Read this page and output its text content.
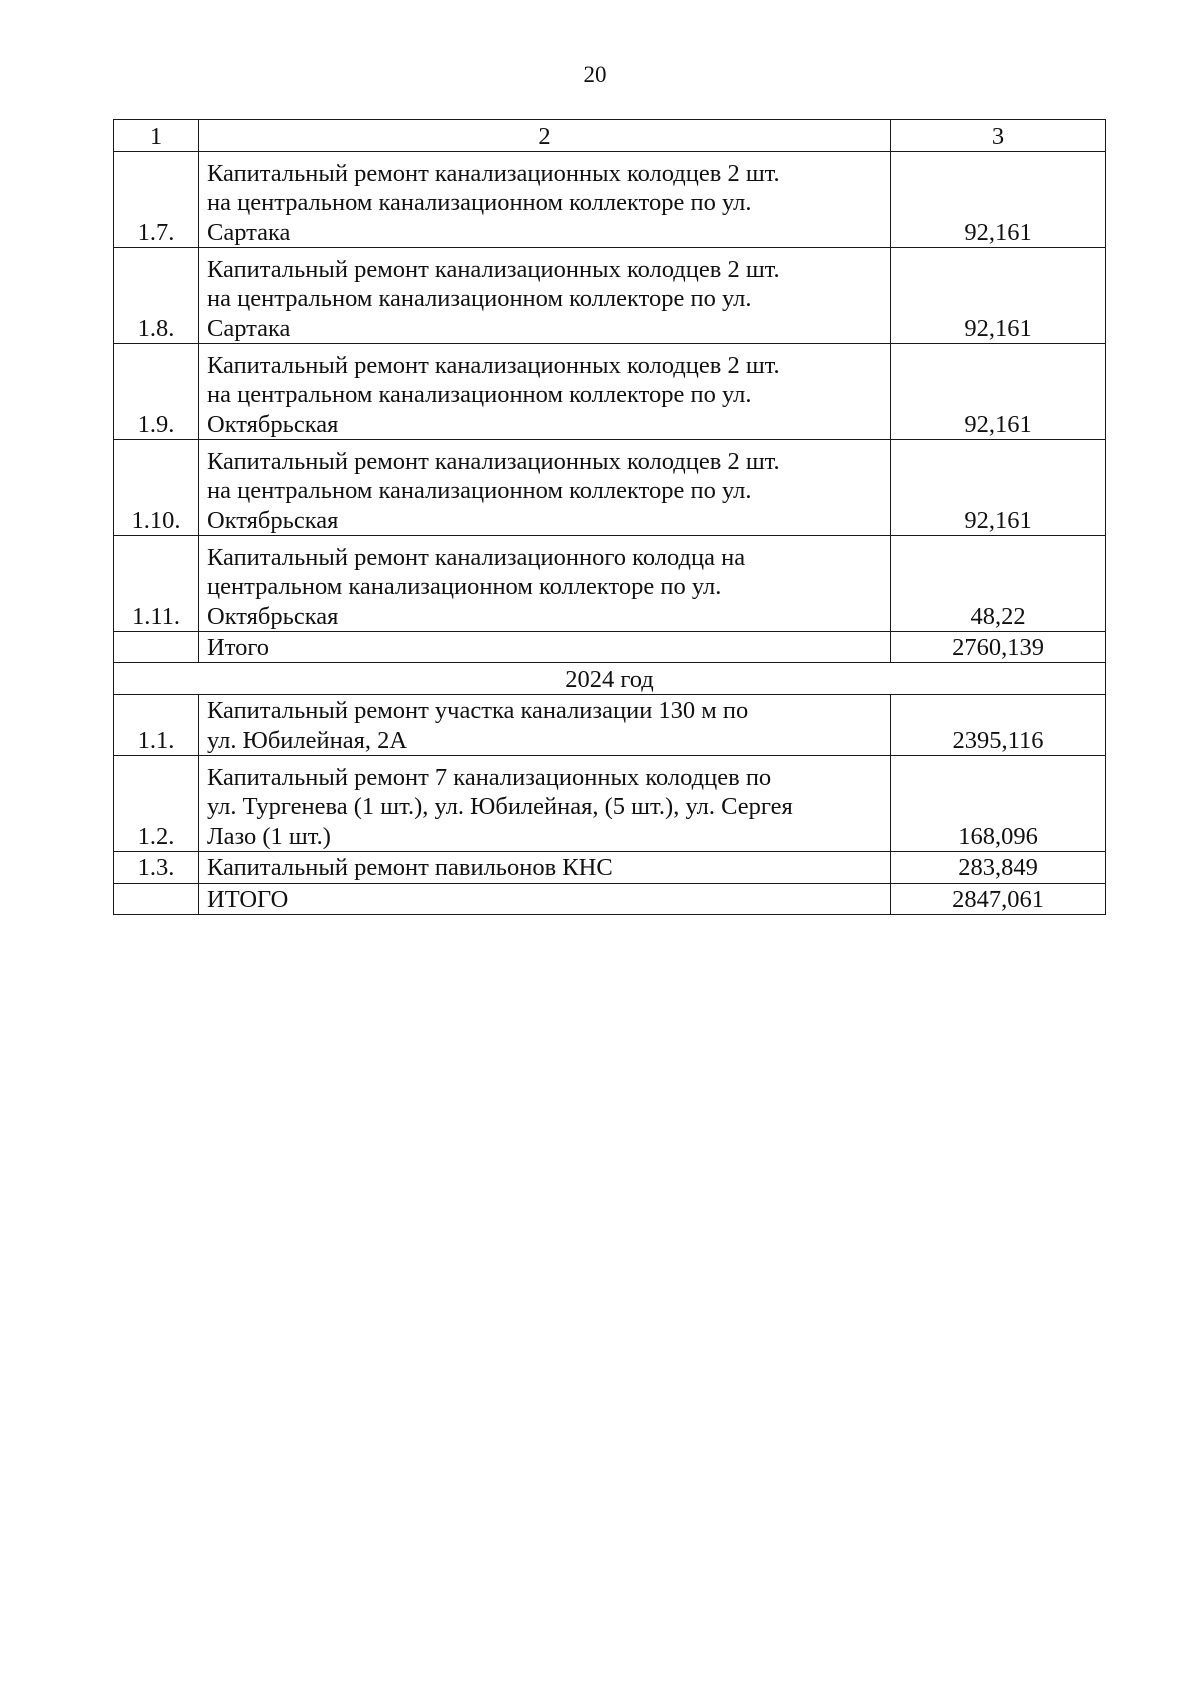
20
1	2	3
1.7.	Капитальный ремонт канализационных колодцев 2 шт.
на центральном канализационном коллекторе по ул.
Сартака	92,161
1.8.	Капитальный ремонт канализационных колодцев 2 шт.
на центральном канализационном коллекторе по ул.
Сартака	92,161
1.9.	Капитальный ремонт канализационных колодцев 2 шт.
на центральном канализационном коллекторе по ул.
Октябрьская	92,161
1.10.	Капитальный ремонт канализационных колодцев 2 шт.
на центральном канализационном коллекторе по ул.
Октябрьская	92,161
1.11.	Капитальный ремонт канализационного колодца на
центральном канализационном коллекторе по ул.
Октябрьская	48,22
	Итого	2760,139
2024 год		
1.1.	Капитальный ремонт участка канализации 130 м по
ул. Юбилейная, 2А	2395,116
1.2.	Капитальный ремонт 7 канализационных колодцев по
ул. Тургенева (1 шт.), ул. Юбилейная, (5 шт.), ул. Сергея
Лазо (1 шт.)	168,096
1.3.	Капитальный ремонт павильонов КНС	283,849
	ИТОГО	2847,061
